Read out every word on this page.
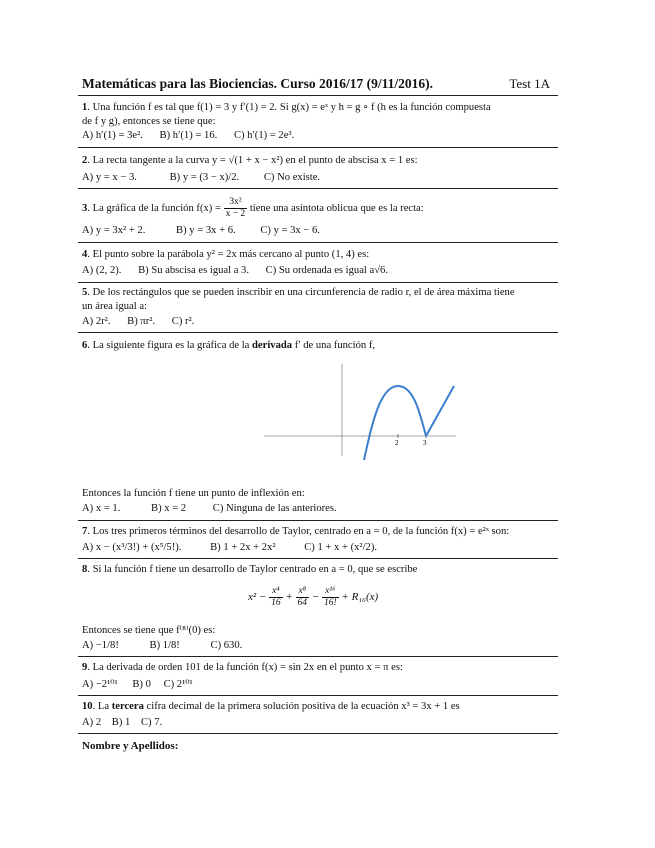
Matemáticas para las Biociencias. Curso 2016/17 (9/11/2016).	Test 1A
1. Una función f es tal que f(1) = 3 y f′(1) = 2. Si g(x) = eˣ y h = g ∘ f (h es la función compuesta
de f y g), entonces se tiene que:
A) h′(1) = 3e². B) h′(1) = 16. C) h′(1) = 2e³.
2. La recta tangente a la curva y = √(1 + x − x²) en el punto de abscisa x = 1 es:
A) y = x − 3.	B) y = (3 − x)/2. C) No existe.
3. La gráfica de la función $f(x) = \frac{\text{3x²}}{x - 2}$ tiene una asíntota oblicua que es la recta:
A) y = 3x² + 2.	B) y = 3x + 6. C) y = 3x − 6.
4. El punto sobre la parábola y² = 2x más cercano al punto (1, 4) es:
A) (2, 2). B) Su abscisa es igual a 3. C) Su ordenada es igual a√6.
5. De los rectángulos que se pueden inscribir en una circunferencia de radio r, el de área máxima tiene
un área igual a:
A) 2r². B) πr². C) r².
6. La siguiente figura es la gráfica de la derivada f′ de una función f,
2	3
Entonces la función f tiene un punto de inflexión en:
A) x = 1.	B) x = 2	C) Ninguna de las anteriores.
7. Los tres primeros términos del desarrollo de Taylor, centrado en a = 0, de la función f(x) = e²ˣ son:
A) x − (x³/3!) + (x⁵/5!).	B) 1 + 2x + 2x²	C) 1 + x + (x²/2).
8. Si la función f tiene un desarrollo de Taylor centrado en a = 0, que se escribe
$x^2 - \frac{\text{x⁴}}{16} + \frac{\text{x⁸}}{64} - \frac{\text{x¹⁶}}{16!} + R_{16}(x)$
Entonces se tiene que f⁽⁸⁾(0) es:
A) −1/8!	B) 1/8!	C) 630.
9. La derivada de orden 101 de la función f(x) = sin 2x en el punto x = π es:
A) −2¹⁰¹ B) 0 C) 2¹⁰¹
10. La tercera cifra decimal de la primera solución positiva de la ecuación x³ = 3x + 1 es
A) 2 B) 1 C) 7.
Nombre y Apellidos:
